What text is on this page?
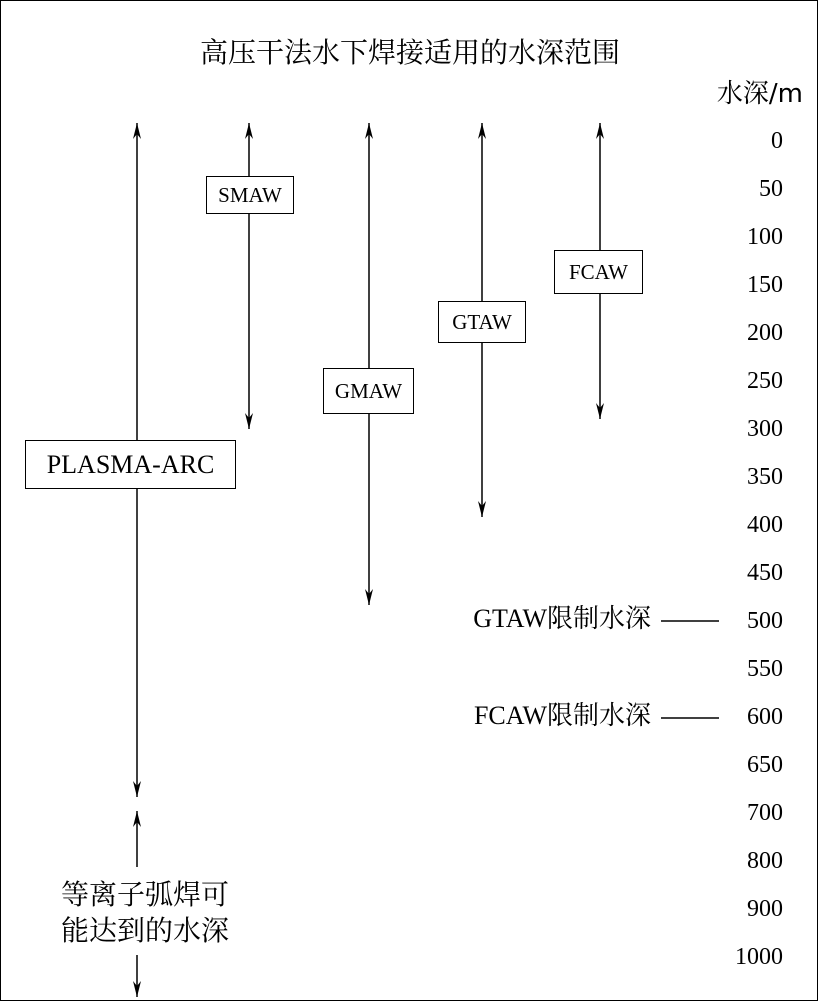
高压干法水下焊接适用的水深范围
水深/m
0
50
100
150
200
250
300
350
400
450
500
550
600
650
700
800
900
1000
PLASMA-ARC
SMAW
GMAW
GTAW
FCAW
GTAW限制水深
FCAW限制水深
等离子弧焊可
能达到的水深
